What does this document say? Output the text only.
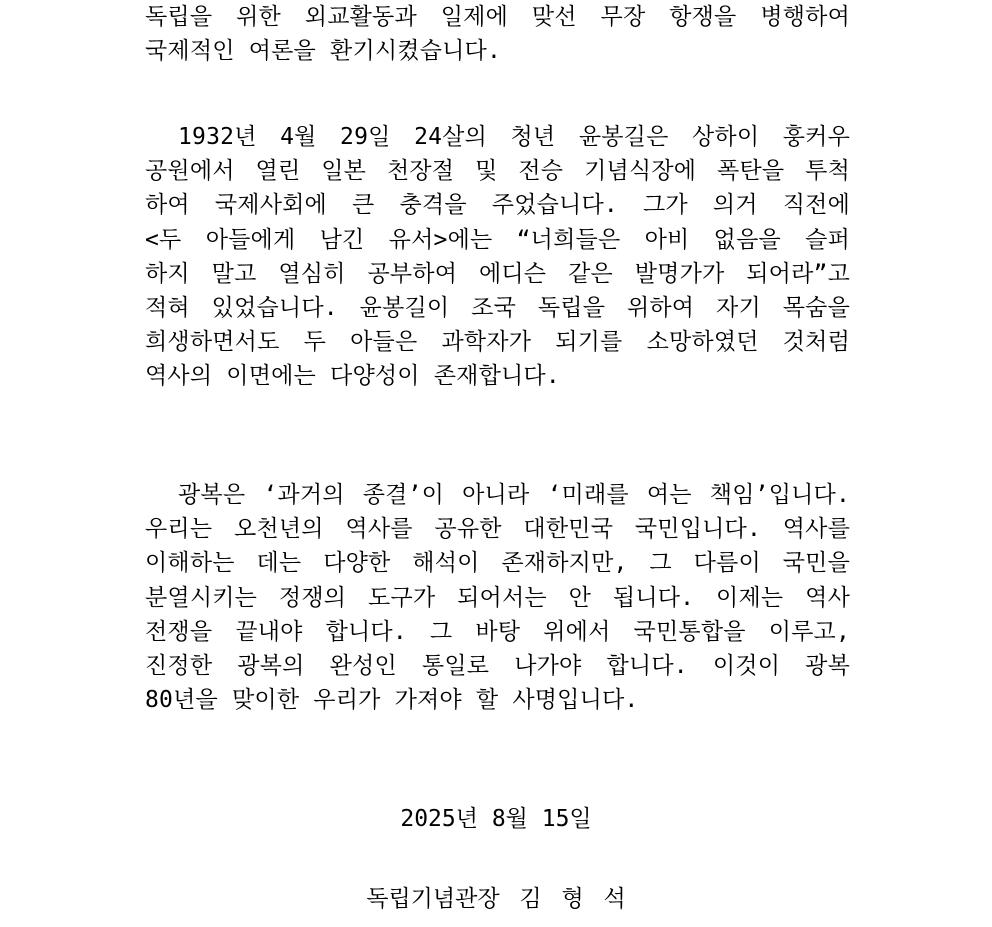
독립을 위한 외교활동과 일제에 맞선 무장 항쟁을 병행하여
국제적인 여론을 환기시켰습니다.
1932년 4월 29일 24살의 청년 윤봉길은 상하이 훙커우
공원에서 열린 일본 천장절 및 전승 기념식장에 폭탄을 투척
하여 국제사회에 큰 충격을 주었습니다. 그가 의거 직전에
<두 아들에게 남긴 유서>에는 “너희들은 아비 없음을 슬퍼
하지 말고 열심히 공부하여 에디슨 같은 발명가가 되어라”고
적혀 있었습니다. 윤봉길이 조국 독립을 위하여 자기 목숨을
희생하면서도 두 아들은 과학자가 되기를 소망하였던 것처럼
역사의 이면에는 다양성이 존재합니다.
광복은 ‘과거의 종결’이 아니라 ‘미래를 여는 책임’입니다.
우리는 오천년의 역사를 공유한 대한민국 국민입니다. 역사를
이해하는 데는 다양한 해석이 존재하지만, 그 다름이 국민을
분열시키는 정쟁의 도구가 되어서는 안 됩니다. 이제는 역사
전쟁을 끝내야 합니다. 그 바탕 위에서 국민통합을 이루고,
진정한 광복의 완성인 통일로 나가야 합니다. 이것이 광복
80년을 맞이한 우리가 가져야 할 사명입니다.
2025년 8월 15일
독립기념관장 김 형 석
